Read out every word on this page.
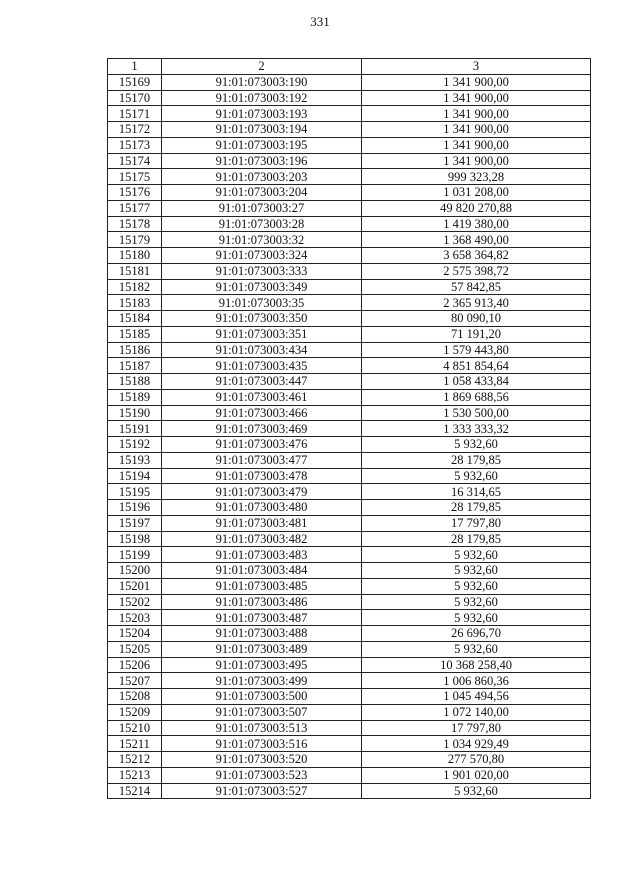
331
1	2	3
15169	91:01:073003:190	1 341 900,00
15170	91:01:073003:192	1 341 900,00
15171	91:01:073003:193	1 341 900,00
15172	91:01:073003:194	1 341 900,00
15173	91:01:073003:195	1 341 900,00
15174	91:01:073003:196	1 341 900,00
15175	91:01:073003:203	999 323,28
15176	91:01:073003:204	1 031 208,00
15177	91:01:073003:27	49 820 270,88
15178	91:01:073003:28	1 419 380,00
15179	91:01:073003:32	1 368 490,00
15180	91:01:073003:324	3 658 364,82
15181	91:01:073003:333	2 575 398,72
15182	91:01:073003:349	57 842,85
15183	91:01:073003:35	2 365 913,40
15184	91:01:073003:350	80 090,10
15185	91:01:073003:351	71 191,20
15186	91:01:073003:434	1 579 443,80
15187	91:01:073003:435	4 851 854,64
15188	91:01:073003:447	1 058 433,84
15189	91:01:073003:461	1 869 688,56
15190	91:01:073003:466	1 530 500,00
15191	91:01:073003:469	1 333 333,32
15192	91:01:073003:476	5 932,60
15193	91:01:073003:477	28 179,85
15194	91:01:073003:478	5 932,60
15195	91:01:073003:479	16 314,65
15196	91:01:073003:480	28 179,85
15197	91:01:073003:481	17 797,80
15198	91:01:073003:482	28 179,85
15199	91:01:073003:483	5 932,60
15200	91:01:073003:484	5 932,60
15201	91:01:073003:485	5 932,60
15202	91:01:073003:486	5 932,60
15203	91:01:073003:487	5 932,60
15204	91:01:073003:488	26 696,70
15205	91:01:073003:489	5 932,60
15206	91:01:073003:495	10 368 258,40
15207	91:01:073003:499	1 006 860,36
15208	91:01:073003:500	1 045 494,56
15209	91:01:073003:507	1 072 140,00
15210	91:01:073003:513	17 797,80
15211	91:01:073003:516	1 034 929,49
15212	91:01:073003:520	277 570,80
15213	91:01:073003:523	1 901 020,00
15214	91:01:073003:527	5 932,60
